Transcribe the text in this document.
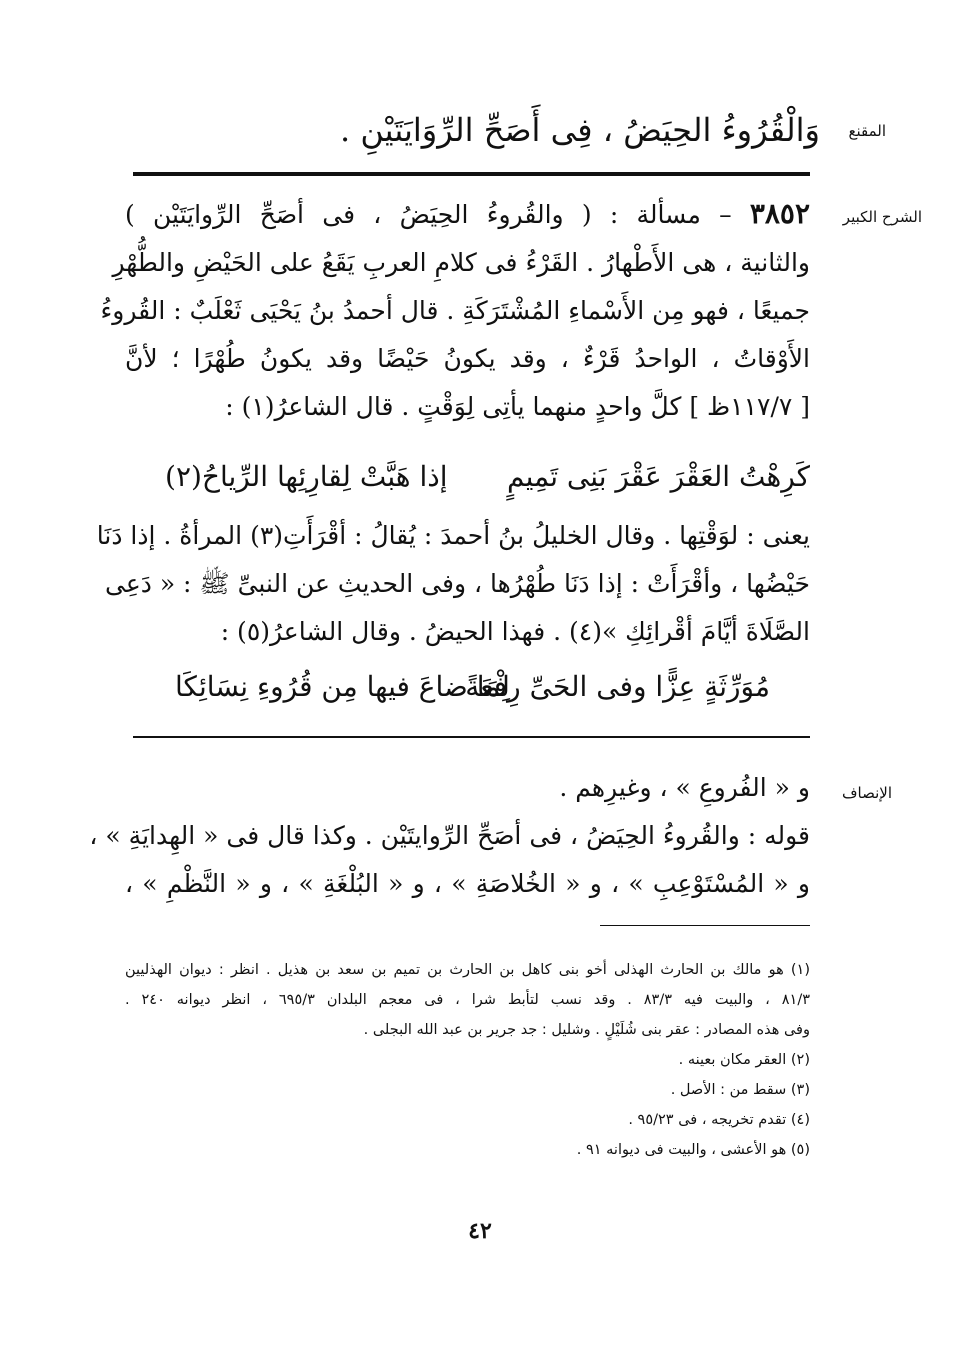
المقنع
وَالْقُرُوءُ الحِيَضُ ، فِى أَصَحِّ الرِّوَايَتَيْنِ .
الشرح الكبير
٣٨٥٢ – مسألة : ( والقُروءُ الحِيَضُ ، فى أصَحِّ الرِّوايَتَيْن )
والثانية ، هى الأَطْهارُ . القَرْءُ فى كلامِ العربِ يَقَعُ على الحَيْضِ والطُّهْرِ
جميعًا ، فهو مِن الأَسْماءِ المُشْتَرَكَةِ . قال أحمدُ بنُ يَحْيَى ثَعْلَبٌ : القُروءُ
الأَوْقاتُ ، الواحدُ قَرْءٌ ، وقد يكونُ حَيْضًا وقد يكونُ طُهْرًا ؛ لأنَّ
[ ١١٧/٧ظ ] كلَّ واحدٍ منهما يأتِى لِوَقْتٍ . قال الشاعرُ(١) :
كَرِهْتُ العَقْرَ عَقْرَ بَنِى تَمِيمٍ
إذا هَبَّتْ لِقارِئِها الرِّياحُ(٢)
يعنى : لوَقْتِها . وقال الخليلُ بنُ أحمدَ : يُقالُ : أقْرَأَتِ(٣) المرأةُ . إذا دَنَا
حَيْضُها ، وأقْرَأَتْ : إذا دَنَا طُهْرُها ، وفى الحديثِ عن النبىِّ ﷺ : « دَعِى
الصَّلَاةَ أيَّامَ أقْرائِكِ »(٤) . فهذا الحيضُ . وقال الشاعرُ(٥) :
مُوَرِّثَةٍ عِزًّا وفى الحَىِّ رِفْعَةً
لِمَا ضاعَ فيها مِن قُرُوءِ نِسَائِكَا
الإنصاف
و « الفُروعِ » ، وغيرِهم .
قوله : والقُروءُ الحِيَضُ ، فى أصَحِّ الرِّوايتَيْن . وكذا قال فى « الهِدايَةِ » ،
و « المُسْتَوْعِبِ » ، و « الخُلاصَةِ » ، و « البُلْغَةِ » ، و « النَّظْمِ » ،
(١) هو مالك بن الحارث الهذلى أخو بنى كاهل بن الحارث بن تميم بن سعد بن هذيل . انظر : ديوان الهذليين
٨١/٣ ، والبيت فيه ٨٣/٣ . وقد نسب لتأبط شرا ، فى معجم البلدان ٦٩٥/٣ ، انظر ديوانه ٢٤٠ .
وفى هذه المصادر : عقر بنى شُلَيْلٍ . وشليل : جد جرير بن عبد الله البجلى .
(٢) العقر مكان بعينه .
(٣) سقط من : الأصل .
(٤) تقدم تخريجه ، فى ٩٥/٢٣ .
(٥) هو الأعشى ، والبيت فى ديوانه ٩١ .
٤٢
